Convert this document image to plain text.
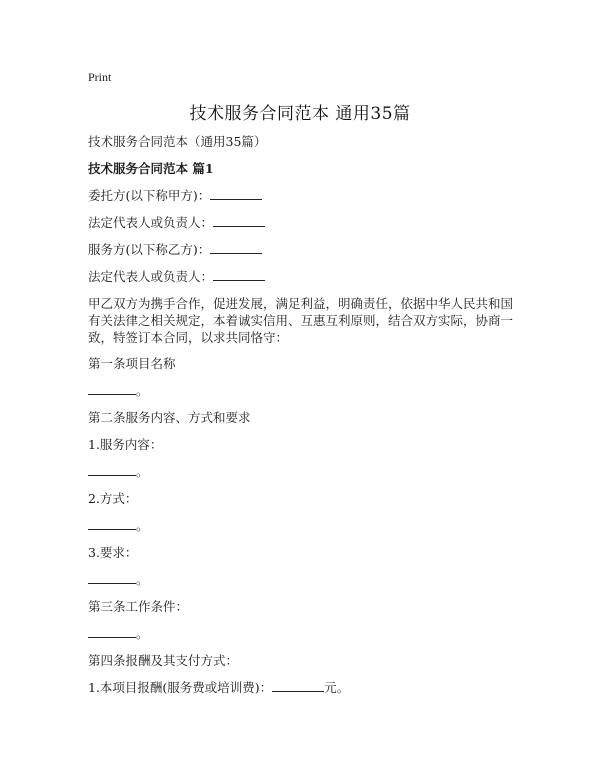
Print
技术服务合同范本 通用35篇
技术服务合同范本（通用35篇）
技术服务合同范本 篇1
委托方(以下称甲方)：
法定代表人或负责人：
服务方(以下称乙方)：
法定代表人或负责人：
甲乙双方为携手合作，促进发展，满足利益，明确责任，依据中华人民共和国有关法律之相关规定，本着诚实信用、互惠互利原则，结合双方实际，协商一致，特签订本合同，以求共同恪守：
第一条项目名称
。
第二条服务内容、方式和要求
1.服务内容：
。
2.方式：
。
3.要求：
。
第三条工作条件：
。
第四条报酬及其支付方式：
1.本项目报酬(服务费或培训费)：	元。
